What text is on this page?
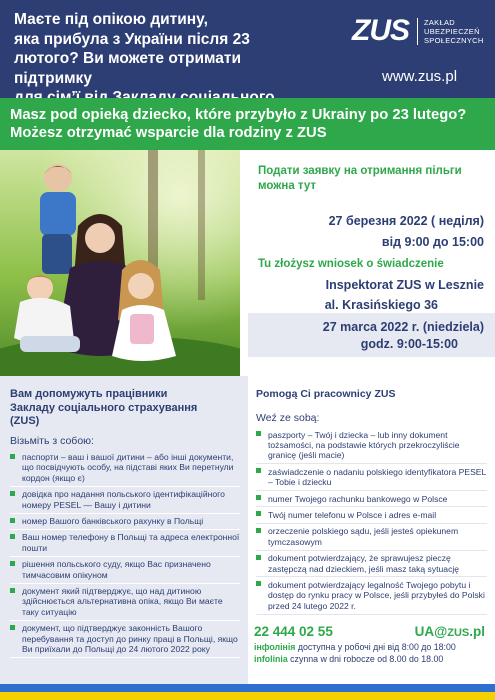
Маєте під опікою дитину,
яка прибула з України після 23
лютого? Ви можете отримати підтримку
ZUS ZAKŁAD
UBEZPIECZEŃ
SPOŁECZNYCH
www.zus.pl
Masz pod opieką dziecko, które przybyło z Ukrainy po 23 lutego?
Możesz otrzymać wsparcie dla rodziny z ZUS
Подати заявку на отримання пільги
можна тут
27 березня 2022 ( неділя)
від 9:00 до 15:00
Tu złożysz wniosek o świadczenie
Inspektorat ZUS w Lesznie
al. Krasińskiego 36
27 marca 2022 r. (niedziela)
godz. 9:00-15:00
Вам допомужуть працівники
Закладу соціального страхування
(ZUS)
Візьміть з собою:
паспорти – ваш і вашої дитини – або інші документи, що посвідчують особу, на підставі яких Ви перетнули кордон (якщо є)
довідка про надання польського ідентифікаційного номеру PESEL — Вашу і дитини
номер Вашого банківського рахунку в Польщі
Ваш номер телефону в Польщі та адреса електронної пошти
рішення польського суду, якщо Вас призначено тимчасовим опікуном
документ який підтверджує, що над дитиною здійснюється альтернативна опіка, якщо Ви маєте таку ситуацію
документ, що підтверджує законність Вашого перебування та доступ до ринку праці в Польщі, якщо Ви приїхали до Польщі до 24 лютого 2022 року
Pomogą Ci pracownicy ZUS
Weź ze sobą:
paszporty – Twój i dziecka – lub inny dokument tożsamości, na podstawie których przekroczyliście granicę (jeśli macie)
zaświadczenie o nadaniu polskiego identyfikatora PESEL – Tobie i dziecku
numer Twojego rachunku bankowego w Polsce
Twój numer telefonu w Polsce i adres e-mail
orzeczenie polskiego sądu, jeśli jesteś opiekunem tymczasowym
dokument potwierdzający, że sprawujesz pieczę zastępczą nad dzieckiem, jeśli masz taką sytuację
dokument potwierdzający legalność Twojego pobytu i dostęp do rynku pracy w Polsce, jeśli przybyłeś do Polski przed 24 lutego 2022 r.
22 444 02 55	UA@ZUS.pl
інфолінія доступна у робочі дні від 8:00 до 18:00
infolinia czynna w dni robocze od 8.00 do 18.00
